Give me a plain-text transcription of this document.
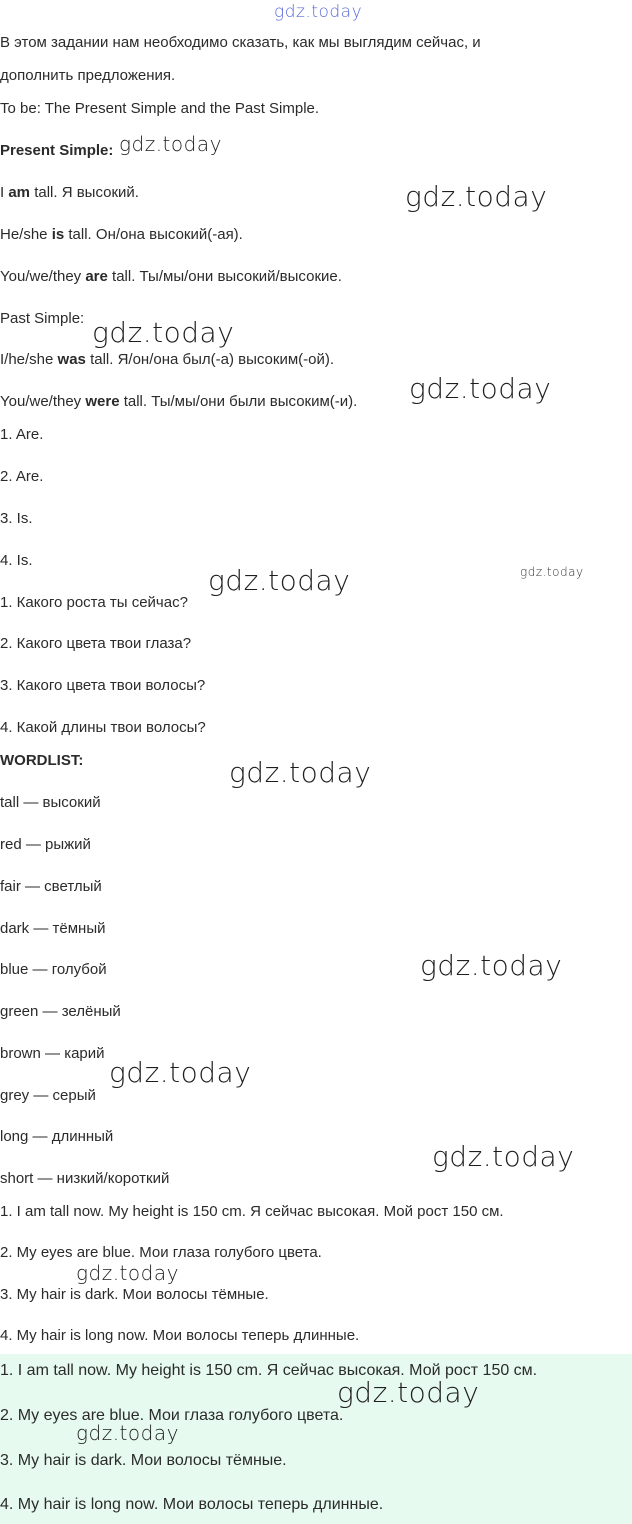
В этом задании нам необходимо сказать, как мы выглядим сейчас, и
дополнить предложения.
To be: The Present Simple and the Past Simple.
Present Simple:
I am tall. Я высокий.
He/she is tall. Он/она высокий(-ая).
You/we/they are tall. Ты/мы/они высокий/высокие.
Past Simple:
I/he/she was tall. Я/он/она был(-а) высоким(-ой).
You/we/they were tall. Ты/мы/они были высоким(-и).
1. Are.
2. Are.
3. Is.
4. Is.
1. Какого роста ты сейчас?
2. Какого цвета твои глаза?
3. Какого цвета твои волосы?
4. Какой длины твои волосы?
WORDLIST:
tall — высокий
red — рыжий
fair — светлый
dark — тёмный
blue — голубой
green — зелёный
brown — карий
grey — серый
long — длинный
short — низкий/короткий
1. I am tall now. My height is 150 cm. Я сейчас высокая. Мой рост 150 см.
2. My eyes are blue. Мои глаза голубого цвета.
3. My hair is dark. Мои волосы тёмные.
4. My hair is long now. Мои волосы теперь длинные.
1. I am tall now. My height is 150 cm. Я сейчас высокая. Мой рост 150 см.
2. My eyes are blue. Мои глаза голубого цвета.
3. My hair is dark. Мои волосы тёмные.
4. My hair is long now. Мои волосы теперь длинные.
gdz.today
gdz.today
gdz.today
gdz.today
gdz.today
gdz.today
gdz.today
gdz.today
gdz.today
gdz.today
gdz.today
gdz.today
gdz.today
gdz.today
